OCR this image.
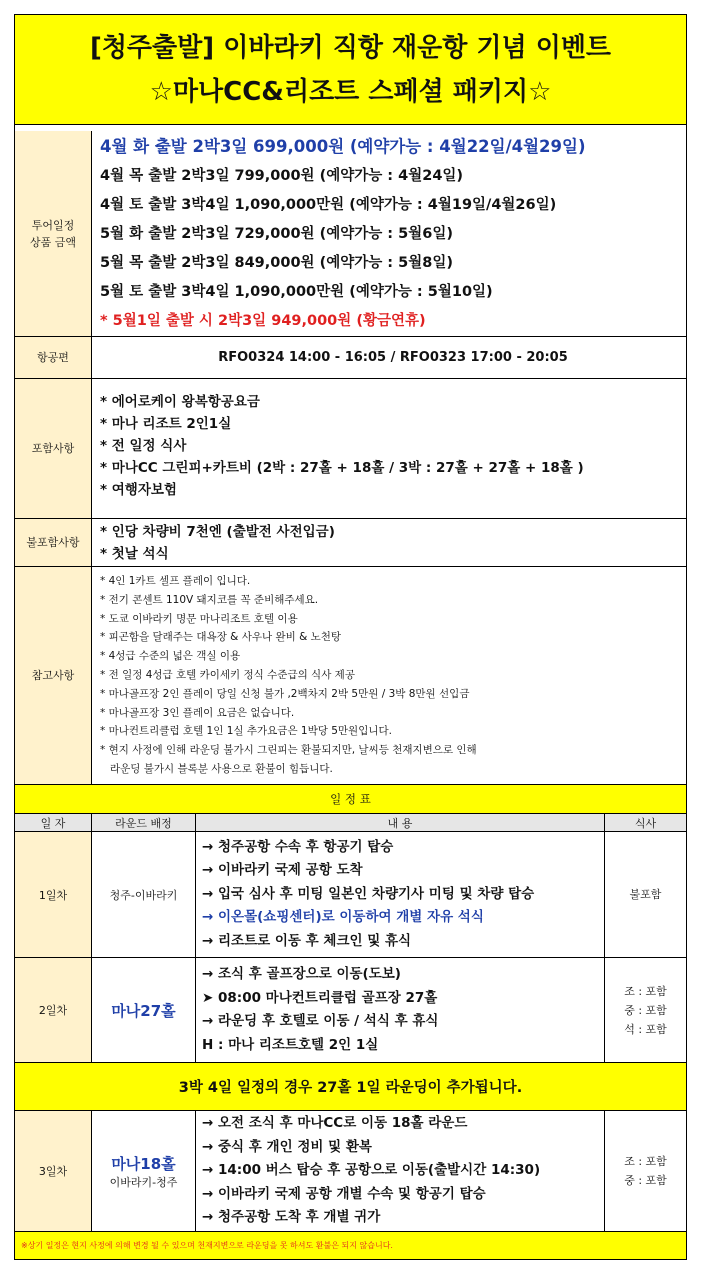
[청주출발] 이바라키 직항 재운항 기념 이벤트
☆마나CC&리조트 스페셜 패키지☆
투어일정
상품 금액
4월 화 출발 2박3일 699,000원 (예약가능 : 4월22일/4월29일)
4월 목 출발 2박3일 799,000원 (예약가능 : 4월24일)
4월 토 출발 3박4일 1,090,000만원 (예약가능 : 4월19일/4월26일)
5월 화 출발 2박3일 729,000원 (예약가능 : 5월6일)
5월 목 출발 2박3일 849,000원 (예약가능 : 5월8일)
5월 토 출발 3박4일 1,090,000만원 (예약가능 : 5월10일)
* 5월1일 출발 시 2박3일 949,000원 (황금연휴)
항공편	RFO0324 14:00 - 16:05 / RFO0323 17:00 - 20:05
포함사항
* 에어로케이 왕복항공요금
* 마나 리조트 2인1실
* 전 일정 식사
* 마나CC 그린피+카트비 (2박 : 27홀 + 18홀 / 3박 : 27홀 + 27홀 + 18홀 )
* 여행자보험
불포함사항
* 인당 차량비 7천엔 (출발전 사전입금)
* 첫날 석식
참고사항
* 4인 1카트 셀프 플레이 입니다.
* 전기 콘센트 110V 돼지코를 꼭 준비해주세요.
* 도쿄 이바라키 명문 마나리조트 호텔 이용
* 피곤함을 달래주는 대욕장 & 사우나 완비 & 노천탕
* 4성급 수준의 넓은 객실 이용
* 전 일정 4성급 호텔 카이세키 정식 수준급의 식사 제공
* 마나골프장 2인 플레이 당일 신청 불가 ,2백차지 2박 5만원 / 3박 8만원 선입금
* 마나골프장 3인 플레이 요금은 없습니다.
* 마나컨트리클럽 호텔 1인 1실 추가요금은 1박당 5만원입니다.
* 현지 사정에 인해 라운딩 불가시 그린피는 환불되지만, 날씨등 천재지변으로 인해
라운딩 불가시 블록분 사용으로 환불이 힘듭니다.
일 정 표
일 자	라운드 배정	내 용	식사
1일차	청주-이바라키
→ 청주공항 수속 후 항공기 탑승
→ 이바라키 국제 공항 도착
→ 입국 심사 후 미팅 일본인 차량기사 미팅 및 차량 탑승
→ 이온몰(쇼핑센터)로 이동하여 개별 자유 석식
→ 리조트로 이동 후 체크인 및 휴식
불포함
2일차	마나27홀
→ 조식 후 골프장으로 이동(도보)
➤ 08:00 마나컨트리클럽 골프장 27홀
→ 라운딩 후 호텔로 이동 / 석식 후 휴식
H : 마나 리조트호텔 2인 1실
조 : 포함
중 : 포함
석 : 포함
3박 4일 일정의 경우 27홀 1일 라운딩이 추가됩니다.
3일차	마나18홀
이바라키-청주
→ 오전 조식 후 마나CC로 이동 18홀 라운드
→ 중식 후 개인 정비 및 환복
→ 14:00 버스 탑승 후 공항으로 이동(출발시간 14:30)
→ 이바라키 국제 공항 개별 수속 및 항공기 탑승
→ 청주공항 도착 후 개별 귀가
조 : 포함
중 : 포함
※상기 일정은 현지 사정에 의해 변경 될 수 있으며 천재지변으로 라운딩을 못 하셔도 환불은 되지 않습니다.
